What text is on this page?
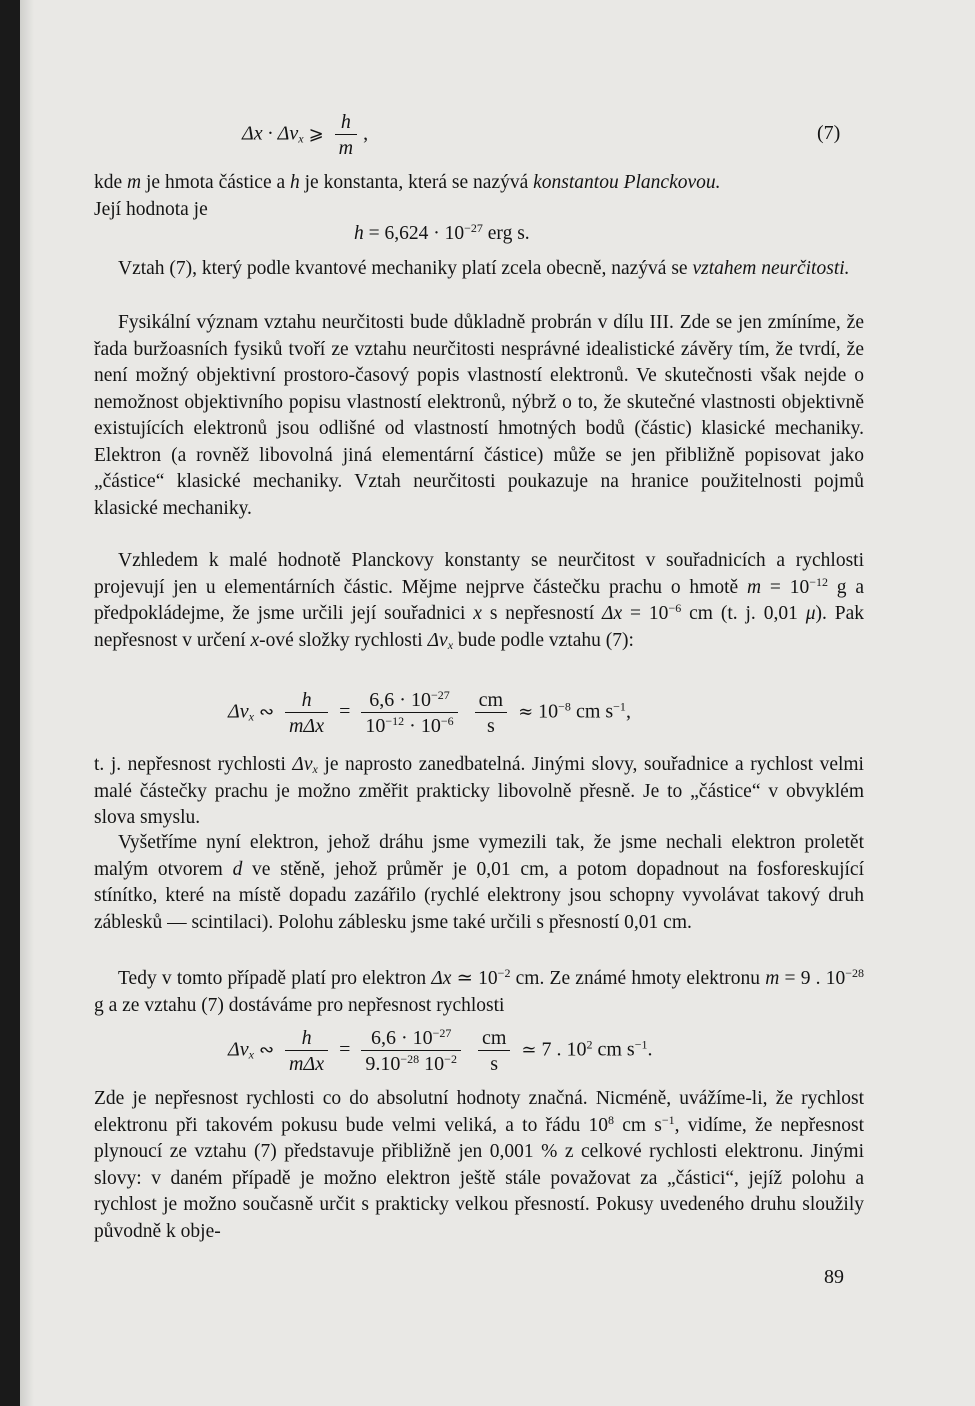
$\Delta x \cdot \Delta v_x$ ⩾ $\frac{h}{m}$ ,	(7)

kde m je hmota částice a h je konstanta, která se nazývá konstantou Planckovou.

Její hodnota je

$h = 6,624 \cdot 10^{-27}$ erg s.

Vztah (7), který podle kvantové mechaniky platí zcela obecně, nazývá se vztahem neurčitosti.

Fysikální význam vztahu neurčitosti bude důkladně probrán v dílu III. Zde se jen zmíníme, že řada buržoasních fysiků tvoří ze vztahu neurčitosti nesprávné idealistické závěry tím, že tvrdí, že není možný objektivní prostoro-časový popis vlastností elektronů. Ve skutečnosti však nejde o nemožnost objektivního popisu vlastností elektronů, nýbrž o to, že skutečné vlastnosti objektivně existujících elektronů jsou odlišné od vlastností hmotných bodů (částic) klasické mechaniky. Elektron (a rovněž libovolná jiná elementární částice) může se jen přibližně popisovat jako „částice“ klasické mechaniky. Vztah neurčitosti poukazuje na hranice použitelnosti pojmů klasické mechaniky.

Vzhledem k malé hodnotě Planckovy konstanty se neurčitost v souřadnicích a rychlosti projevují jen u elementárních částic. Mějme nejprve částečku prachu o hmotě $m = 10^{-12}$ g a předpokládejme, že jsme určili její souřadnici x s nepřesností $\Delta x = 10^{-6}$ cm (t. j. 0,01 μ). Pak nepřesnost v určení x-ové složky rychlosti $\Delta v_x$ bude podle vztahu (7):

$\Delta v_x$ ∾ $\frac{h}{\text{mΔx}} = \frac{6,6 \cdot 10^{-27}}{10^{-12} \cdot 10^{-6}}$
$\frac{cm}{s} \approx 10^{-8}$ cm $s^{-1}$,

t. j. nepřesnost rychlosti $\Delta v_x$ je naprosto zanedbatelná. Jinými slovy, souřadnice a rychlost velmi malé částečky prachu je možno změřit prakticky libovolně přesně. Je to „částice“ v obvyklém slova smyslu.

Vyšetříme nyní elektron, jehož dráhu jsme vymezili tak, že jsme nechali elektron proletět malým otvorem d ve stěně, jehož průměr je 0,01 cm, a potom dopadnout na fosforeskující stínítko, které na místě dopadu zazářilo (rychlé elektrony jsou schopny vyvolávat takový druh záblesků — scintilaci). Polohu záblesku jsme také určili s přesností 0,01 cm.

Tedy v tomto případě platí pro elektron Δx ≃ $10^{-2}$ cm. Ze známé hmoty elektronu m = 9 . $10^{-28}$ g a ze vztahu (7) dostáváme pro nepřesnost rychlosti

$\Delta v_x$ ∾ $\frac{h}{\text{mΔx}} = \frac{6,6 \cdot 10^{-27}}{9.10^{-28} 10^{-2}}$
$\frac{cm}{s}$ ≃ 7 . $10^2$ cm $s^{-1}$.

Zde je nepřesnost rychlosti co do absolutní hodnoty značná. Nicméně, uvážíme-li, že rychlost elektronu při takovém pokusu bude velmi veliká, a to řádu $10^8$ cm $s^{-1}$, vidíme, že nepřesnost plynoucí ze vztahu (7) představuje přibližně jen 0,001 % z celkové rychlosti elektronu. Jinými slovy: v daném případě je možno elektron ještě stále považovat za „částici“, jejíž polohu a rychlost je možno současně určit s prakticky velkou přesností. Pokusy uvedeného druhu sloužily původně k obje-

89
